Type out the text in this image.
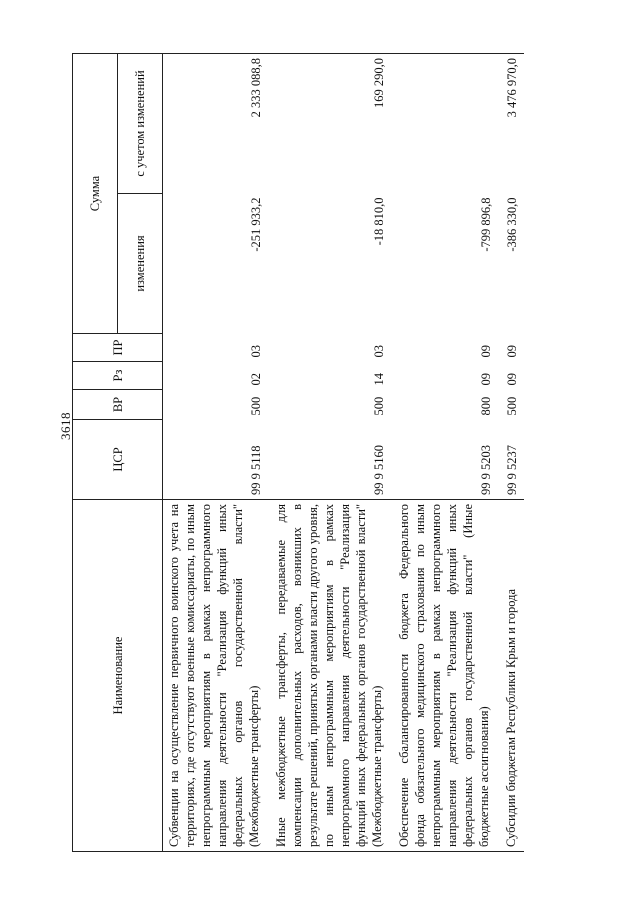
3618
Наименование	ЦСР	ВР	Рз	ПР	Сумма	
					изменения	с учетом изменений
Субвенции на осуществление первичного воинского учета на территориях, где отсутствуют военные комиссариаты, по иным непрограммным мероприятиям в рамках непрограммного направления деятельности "Реализация функций иных федеральных органов государственной власти" (Межбюджетные трансферты)	99 9 5118	500	02	03	-251 933,2	2 333 088,8
Иные межбюджетные трансферты, передаваемые для компенсации дополнительных расходов, возникших в результате решений, принятых органами власти другого уровня, по иным непрограммным мероприятиям в рамках непрограммного направления деятельности "Реализация функций иных федеральных органов государственной власти" (Межбюджетные трансферты)	99 9 5160	500	14	03	-18 810,0	169 290,0
Обеспечение сбалансированности бюджета Федерального фонда обязательного медицинского страхования по иным непрограммным мероприятиям в рамках непрограммного направления деятельности "Реализация функций иных федеральных органов государственной власти" (Иные бюджетные ассигнования)	99 9 5203	800	09	09	-799 896,8	
Субсидии бюджетам Республики Крым и города	99 9 5237	500	09	09	-386 330,0	3 476 970,0
